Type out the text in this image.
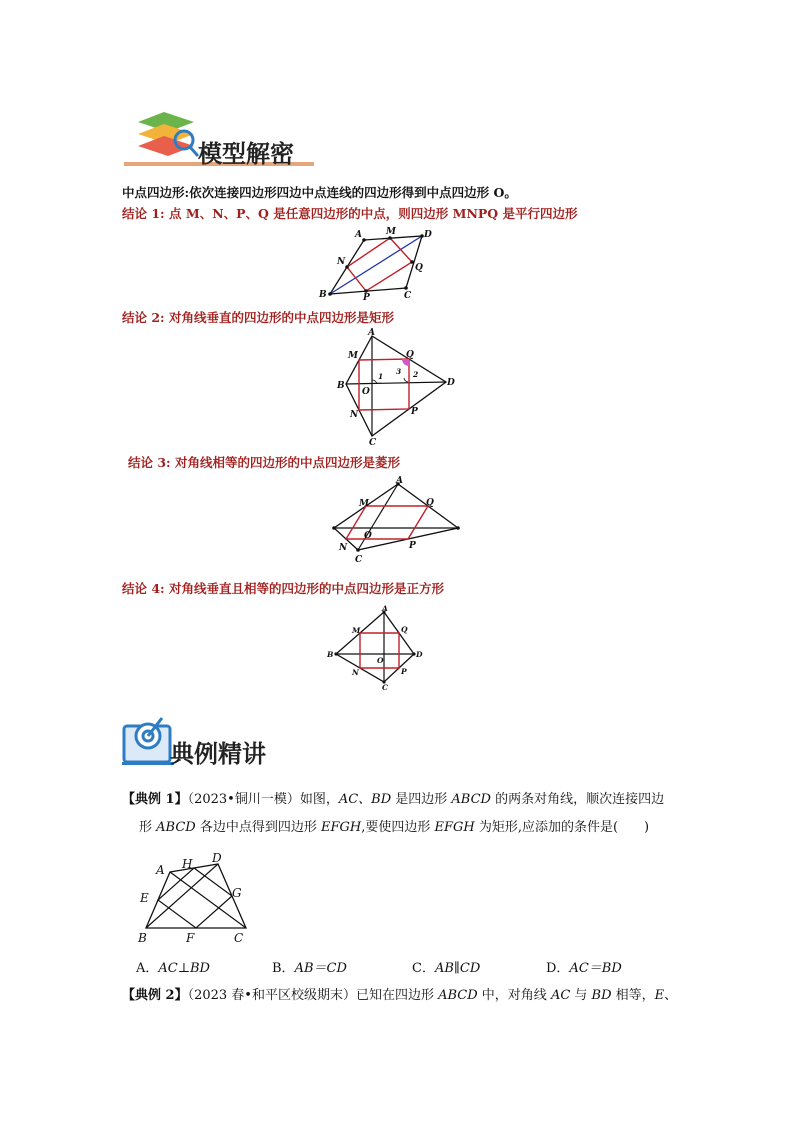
模型解密
中点四边形:依次连接四边形四边中点连线的四边形得到中点四边形 O。
结论 1: 点 M、N、P、Q 是任意四边形的中点，则四边形 MNPQ 是平行四边形
A	M	D
N
Q
B	P	C
结论 2: 对角线垂直的四边形的中点四边形是矩形
A
M	Q
B	D
O
N	P
C
1	2
3
结论 3: 对角线相等的四边形的中点四边形是菱形
A
M	Q
O
N	P
C
结论 4: 对角线垂直且相等的四边形的中点四边形是正方形
A
M	Q
B	D
O
N	P
C
典例精讲
【典例 1】（2023•铜川一模）如图，AC、BD 是四边形 ABCD 的两条对角线，顺次连接四边
形 ABCD 各边中点得到四边形 EFGH,要使四边形 EFGH 为矩形,应添加的条件是(　　)
A H D
E	G
B	F	C
A．AC⊥BD	B．AB＝CD	C．AB∥CD	D．AC＝BD
【典例 2】（2023 春•和平区校级期末）已知在四边形 ABCD 中，对角线 AC 与 BD 相等，E、
